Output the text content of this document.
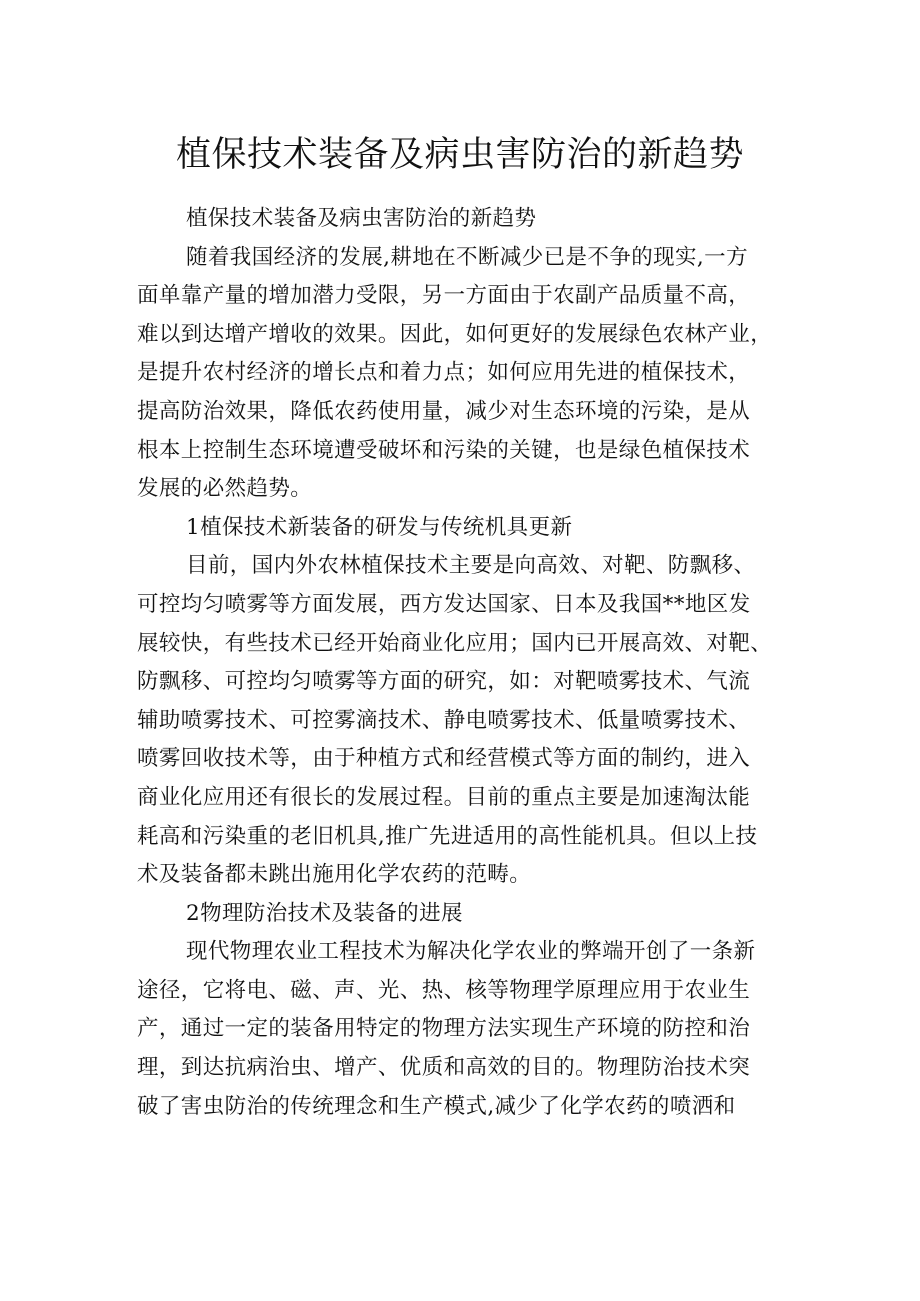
植保技术装备及病虫害防治的新趋势
植保技术装备及病虫害防治的新趋势
随着我国经济的发展,耕地在不断减少已是不争的现实,一方
面单靠产量的增加潜力受限，另一方面由于农副产品质量不高，
难以到达增产增收的效果。因此，如何更好的发展绿色农林产业，
是提升农村经济的增长点和着力点；如何应用先进的植保技术，
提高防治效果，降低农药使用量，减少对生态环境的污染，是从
根本上控制生态环境遭受破坏和污染的关键，也是绿色植保技术
发展的必然趋势。
1植保技术新装备的研发与传统机具更新
目前，国内外农林植保技术主要是向高效、对靶、防飘移、
可控均匀喷雾等方面发展，西方发达国家、日本及我国**地区发
展较快，有些技术已经开始商业化应用；国内已开展高效、对靶、
防飘移、可控均匀喷雾等方面的研究，如：对靶喷雾技术、气流
辅助喷雾技术、可控雾滴技术、静电喷雾技术、低量喷雾技术、
喷雾回收技术等，由于种植方式和经营模式等方面的制约，进入
商业化应用还有很长的发展过程。目前的重点主要是加速淘汰能
耗高和污染重的老旧机具,推广先进适用的高性能机具。但以上技
术及装备都未跳出施用化学农药的范畴。
2物理防治技术及装备的进展
现代物理农业工程技术为解决化学农业的弊端开创了一条新
途径，它将电、磁、声、光、热、核等物理学原理应用于农业生
产，通过一定的装备用特定的物理方法实现生产环境的防控和治
理，到达抗病治虫、增产、优质和高效的目的。物理防治技术突
破了害虫防治的传统理念和生产模式,减少了化学农药的喷洒和
